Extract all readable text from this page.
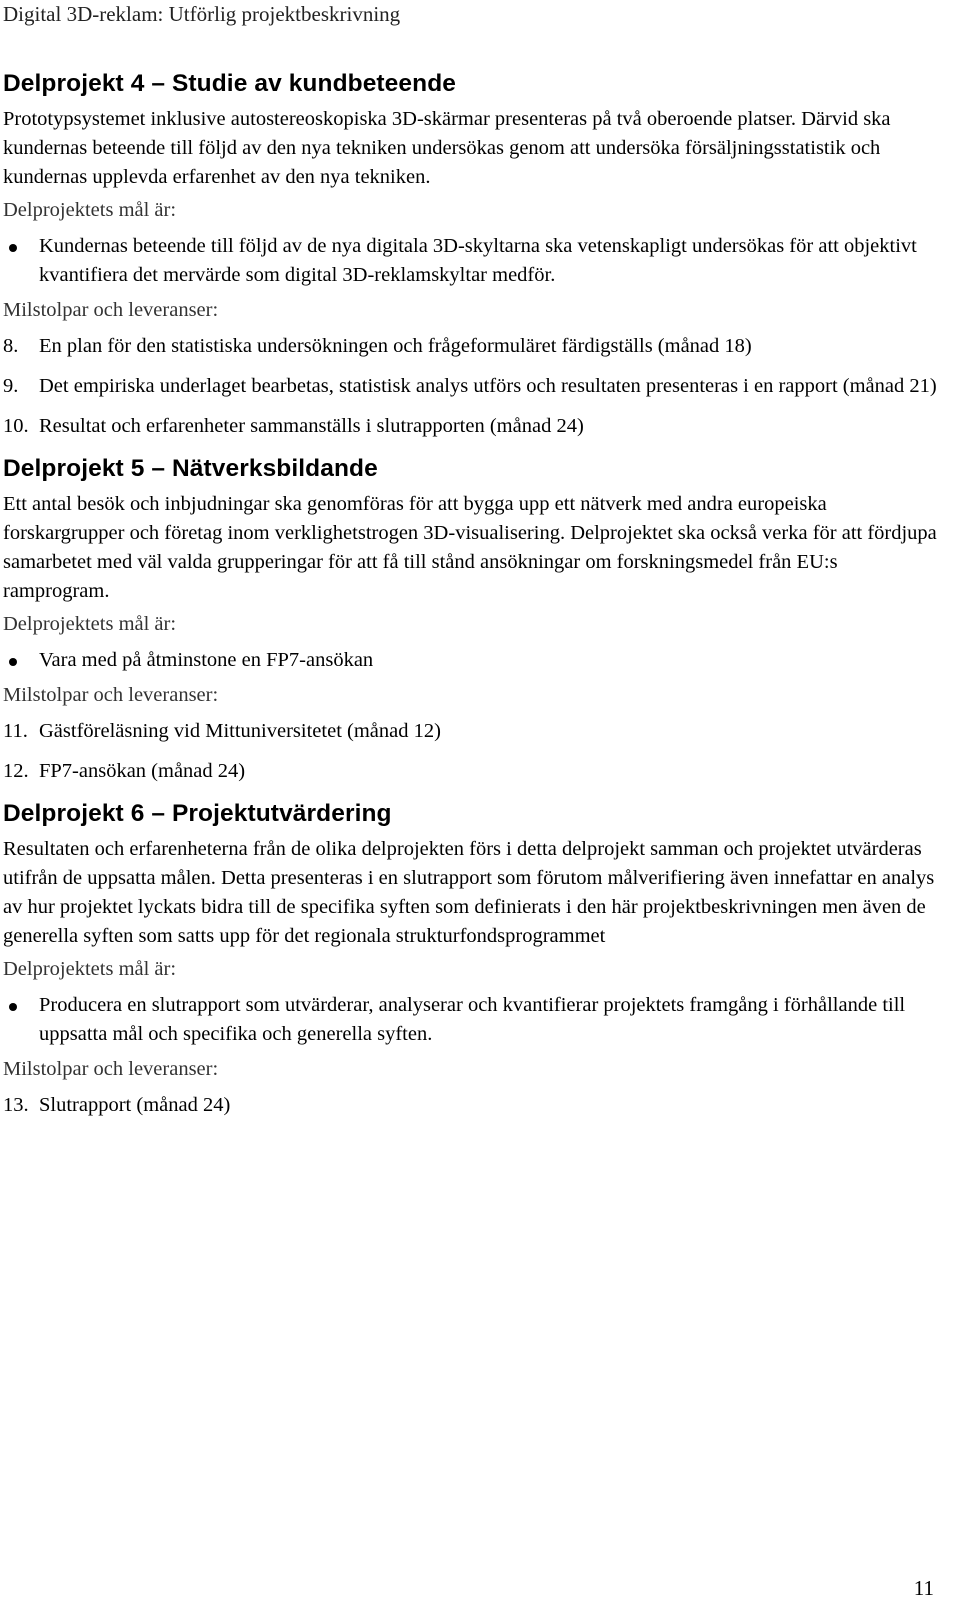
Digital 3D-reklam: Utförlig projektbeskrivning
Delprojekt 4 – Studie av kundbeteende

Prototypsystemet inklusive autostereoskopiska 3D-skärmar presenteras på två oberoende platser. Därvid ska kundernas beteende till följd av den nya tekniken undersökas genom att undersöka försäljningsstatistik och kundernas upplevda erfarenhet av den nya tekniken.

Delprojektets mål är:
Kundernas beteende till följd av de nya digitala 3D-skyltarna ska vetenskapligt undersökas för att objektivt kvantifiera det mervärde som digital 3D-reklamskyltar medför.
Milstolpar och leveranser:
8. En plan för den statistiska undersökningen och frågeformuläret färdigställs (månad 18)
9. Det empiriska underlaget bearbetas, statistisk analys utförs och resultaten presenteras i en rapport (månad 21)
10. Resultat och erfarenheter sammanställs i slutrapporten (månad 24)
Delprojekt 5 – Nätverksbildande

Ett antal besök och inbjudningar ska genomföras för att bygga upp ett nätverk med andra europeiska forskargrupper och företag inom verklighetstrogen 3D-visualisering. Delprojektet ska också verka för att fördjupa samarbetet med väl valda grupperingar för att få till stånd ansökningar om forskningsmedel från EU:s ramprogram.

Delprojektets mål är:
Vara med på åtminstone en FP7-ansökan
Milstolpar och leveranser:
11. Gästföreläsning vid Mittuniversitetet (månad 12)
12. FP7-ansökan (månad 24)
Delprojekt 6 – Projektutvärdering

Resultaten och erfarenheterna från de olika delprojekten förs i detta delprojekt samman och projektet utvärderas utifrån de uppsatta målen. Detta presenteras i en slutrapport som förutom målverifiering även innefattar en analys av hur projektet lyckats bidra till de specifika syften som definierats i den här projektbeskrivningen men även de generella syften som satts upp för det regionala strukturfondsprogrammet

Delprojektets mål är:
Producera en slutrapport som utvärderar, analyserar och kvantifierar projektets framgång i förhållande till uppsatta mål och specifika och generella syften.
Milstolpar och leveranser:
13. Slutrapport (månad 24)
11
